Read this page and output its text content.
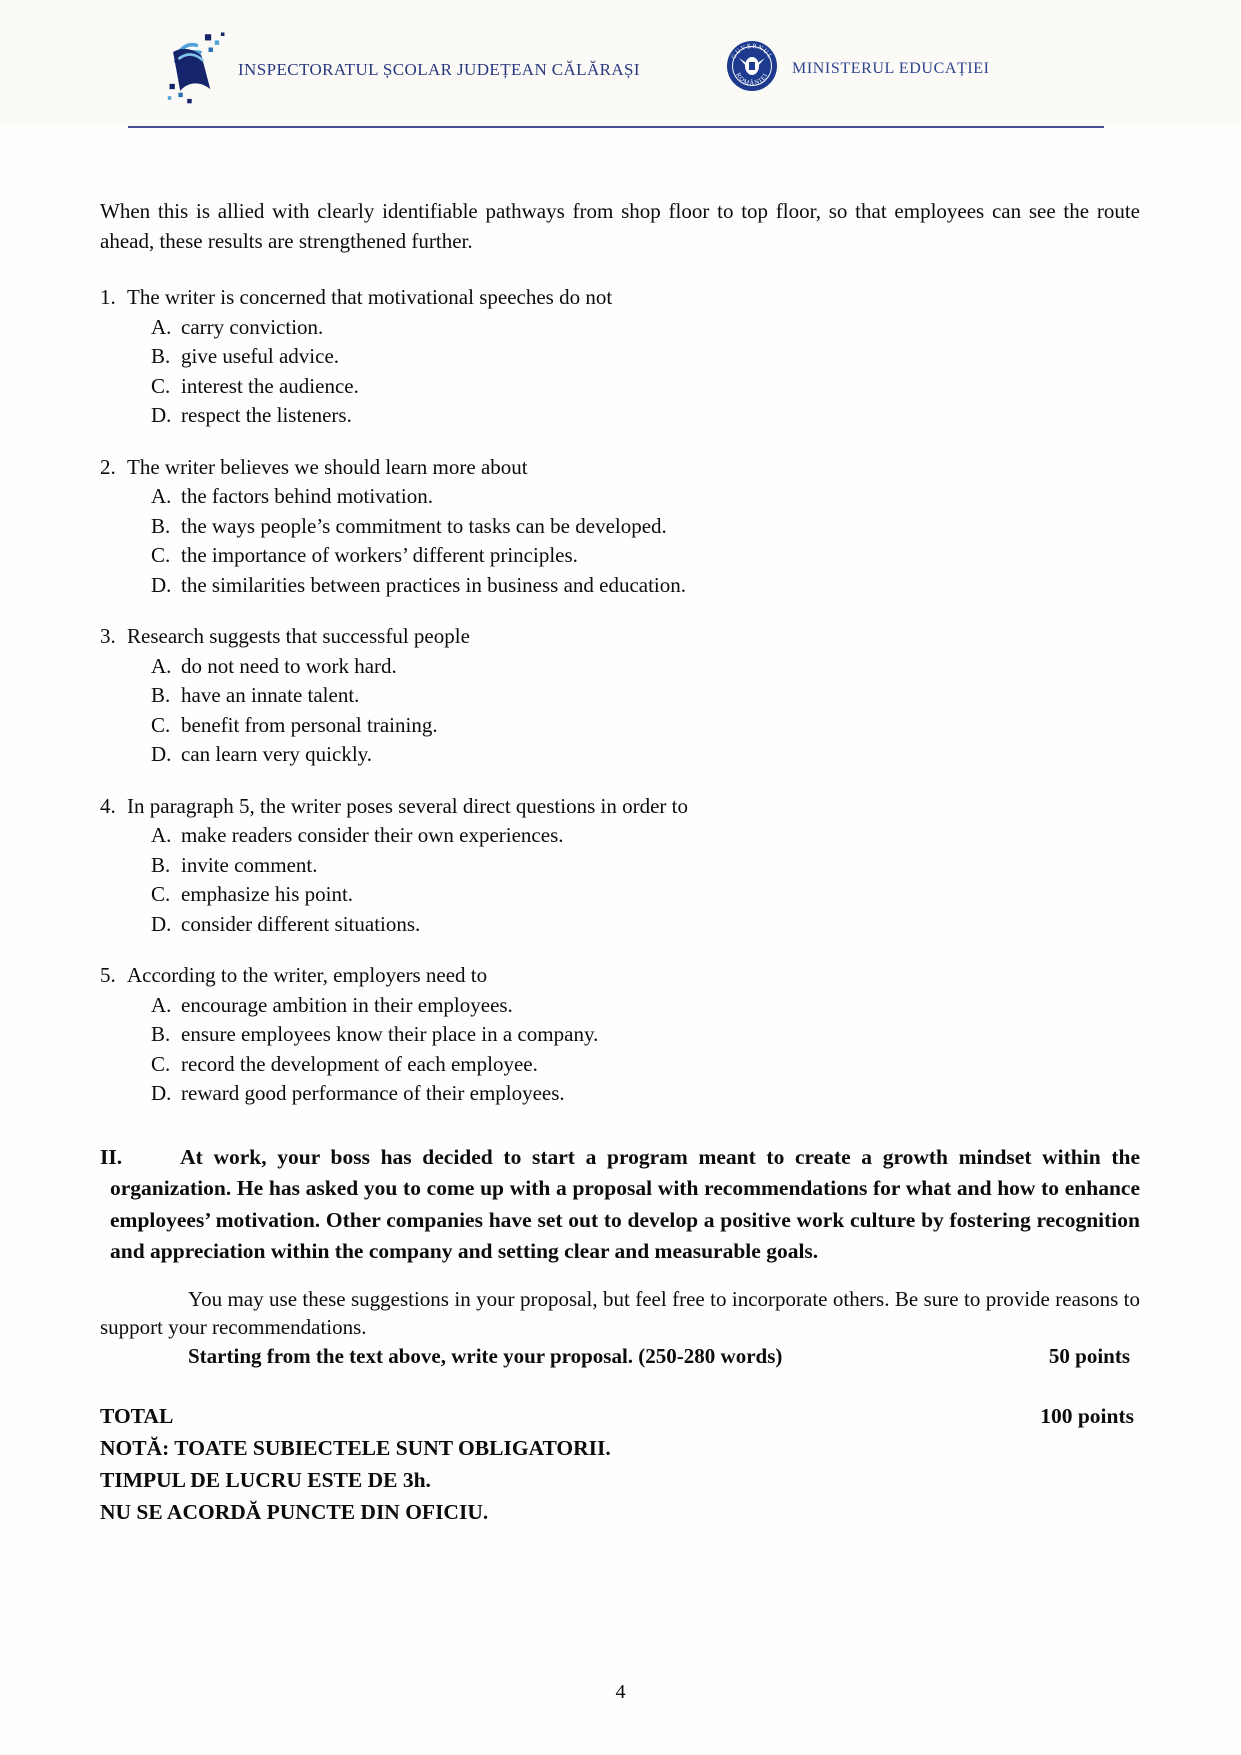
INSPECTORATUL ȘCOLAR JUDEȚEAN CĂLĂRAȘI
GUVERNUL
ROMÂNIEI MINISTERUL EDUCAȚIEI

When this is allied with clearly identifiable pathways from shop floor to top floor, so that employees can see the route ahead, these results are strengthened further.

1. The writer is concerned that motivational speeches do not
A. carry conviction.
B. give useful advice.
C. interest the audience.
D. respect the listeners.
2. The writer believes we should learn more about
A. the factors behind motivation.
B. the ways people’s commitment to tasks can be developed.
C. the importance of workers’ different principles.
D. the similarities between practices in business and education.
3. Research suggests that successful people
A. do not need to work hard.
B. have an innate talent.
C. benefit from personal training.
D. can learn very quickly.
4. In paragraph 5, the writer poses several direct questions in order to
A. make readers consider their own experiences.
B. invite comment.
C. emphasize his point.
D. consider different situations.
5. According to the writer, employers need to
A. encourage ambition in their employees.
B. ensure employees know their place in a company.
C. record the development of each employee.
D. reward good performance of their employees.

II.	At work, your boss has decided to start a program meant to create a growth mindset within the organization. He has asked you to come up with a proposal with recommendations for what and how to enhance employees’ motivation. Other companies have set out to develop a positive work culture by fostering recognition and appreciation within the company and setting clear and measurable goals.

You may use these suggestions in your proposal, but feel free to incorporate others. Be sure to provide reasons to support your recommendations.

Starting from the text above, write your proposal. (250-280 words)	50 points
TOTAL	100 points

NOTĂ: TOATE SUBIECTELE SUNT OBLIGATORII.

TIMPUL DE LUCRU ESTE DE 3h.

NU SE ACORDĂ PUNCTE DIN OFICIU.

4
